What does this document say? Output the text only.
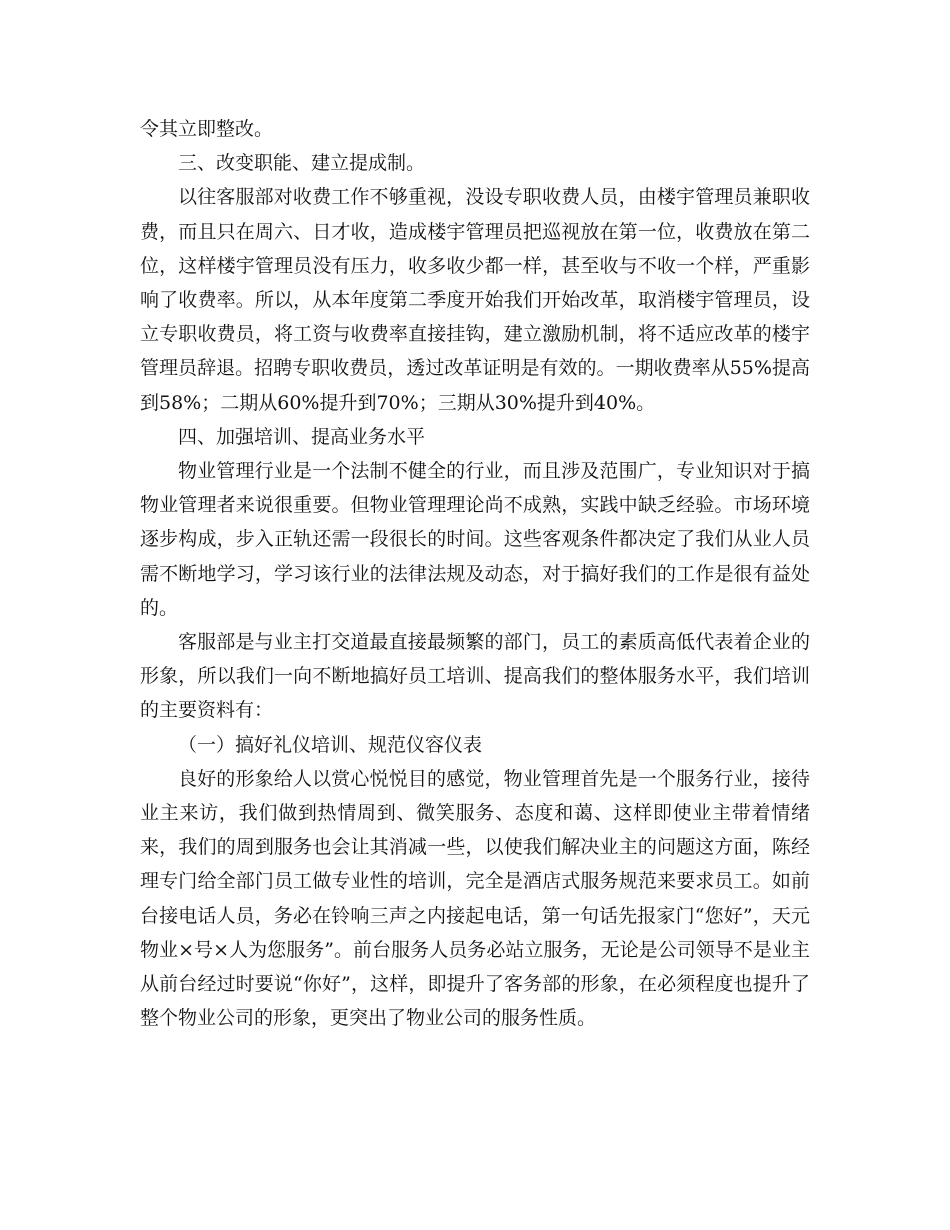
令其立即整改。

三、改变职能、建立提成制。

以往客服部对收费工作不够重视，没设专职收费人员，由楼宇管理员兼职收费，而且只在周六、日才收，造成楼宇管理员把巡视放在第一位，收费放在第二位，这样楼宇管理员没有压力，收多收少都一样，甚至收与不收一个样，严重影响了收费率。所以，从本年度第二季度开始我们开始改革，取消楼宇管理员，设立专职收费员，将工资与收费率直接挂钩，建立激励机制，将不适应改革的楼宇管理员辞退。招聘专职收费员，透过改革证明是有效的。一期收费率从55%提高到58%；二期从60%提升到70%；三期从30%提升到40%。

四、加强培训、提高业务水平

物业管理行业是一个法制不健全的行业，而且涉及范围广，专业知识对于搞物业管理者来说很重要。但物业管理理论尚不成熟，实践中缺乏经验。市场环境逐步构成，步入正轨还需一段很长的时间。这些客观条件都决定了我们从业人员需不断地学习，学习该行业的法律法规及动态，对于搞好我们的工作是很有益处的。

客服部是与业主打交道最直接最频繁的部门，员工的素质高低代表着企业的形象，所以我们一向不断地搞好员工培训、提高我们的整体服务水平，我们培训的主要资料有：

（一）搞好礼仪培训、规范仪容仪表

良好的形象给人以赏心悦悦目的感觉，物业管理首先是一个服务行业，接待业主来访，我们做到热情周到、微笑服务、态度和蔼、这样即使业主带着情绪来，我们的周到服务也会让其消减一些，以使我们解决业主的问题这方面，陈经理专门给全部门员工做专业性的培训，完全是酒店式服务规范来要求员工。如前台接电话人员，务必在铃响三声之内接起电话，第一句话先报家门“您好”，天元物业×号×人为您服务”。前台服务人员务必站立服务，无论是公司领导不是业主从前台经过时要说“你好”，这样，即提升了客务部的形象，在必须程度也提升了整个物业公司的形象，更突出了物业公司的服务性质。
